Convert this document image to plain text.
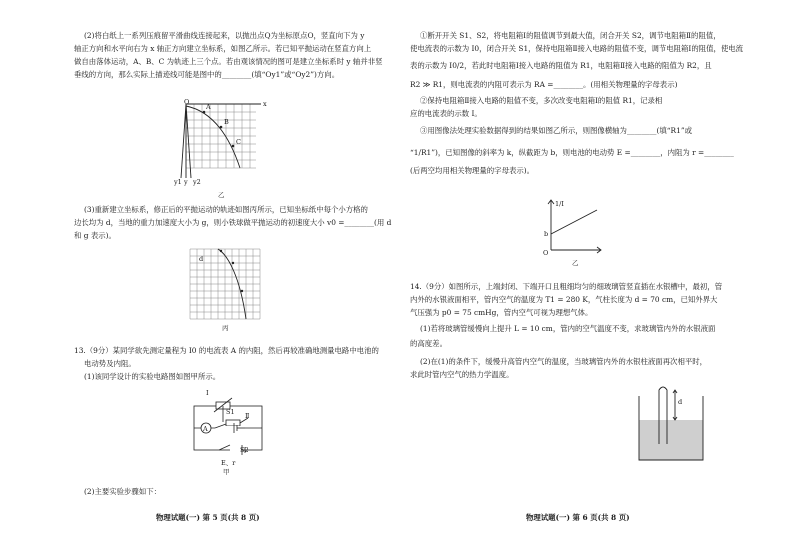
(2)将白纸上一系列压痕留平滑曲线连接起来，以抛出点Q为坐标原点O，竖直向下为 y
轴正方向和水平向右为 x 轴正方向建立坐标系，如图乙所示。若已知平抛运动在竖直方向上
做自由落体运动，A、B、C 为轨迹上三个点。若由观该情况的图可是建立坐标系时 y 轴并非竖
垂线的方向，那么实际上描迹线可能是图中的________(填“Oy1”或“Oy2”)方向。
O	x
y1 y y2
A
B
C
乙
(3)重新建立坐标系，修正后的平抛运动的轨迹如图丙所示，已知坐标纸中每个小方格的
边长均为 d，当地的重力加速度大小为 g，则小铁球做平抛运动的初速度大小 v0 =________(用 d
和 g 表示)。
d
丙
13.（9分）某同学欲先测定量程为 I0 的电流表 A 的内阻，然后再较准确地测量电路中电池的
电动势及内阻。
(1)该同学设计的实验电路图如图甲所示。
A
Ⅰ
Ⅱ
S1
S2
E、r
甲
(2)主要实验步骤如下：
物理试题(一) 第 5 页(共 8 页)
①断开开关 S1、S2，将电阻箱Ⅰ的阻值调节到最大值，闭合开关 S2，调节电阻箱Ⅱ的阻值，
使电流表的示数为 I0，闭合开关 S1，保持电阻箱Ⅱ接入电路的阻值不变，调节电阻箱Ⅰ的阻值，使电流
表的示数为 I0/2，若此时电阻箱Ⅰ接入电路的阻值为 R1，电阻箱Ⅱ接入电路的阻值为 R2，且
R2 ≫ R1，则电流表的内阻可表示为 RA =________。(用相关物理量的字母表示)
②保持电阻箱Ⅱ接入电路的阻值不变，多次改变电阻箱Ⅰ的阻值 R1，记录相
应的电流表的示数 I。
③用图像法处理实验数据得到的结果如图乙所示，则图像横轴为________(填“R1”或
“1/R1”)，已知图像的斜率为 k，纵截距为 b，则电池的电动势 E =________，内阻为 r =________
(后两空均用相关物理量的字母表示)。
1/I
b
O
乙
14.（9分）如图所示，上端封闭、下端开口且粗细均匀的细玻璃管竖直插在水银槽中，最初，管
内外的水银液面相平，管内空气的温度为 T1 = 280 K，气柱长度为 d = 70 cm，已知外界大
气压强为 p0 = 75 cmHg，管内空气可视为理想气体。
(1)若将玻璃管缓慢向上提升 L = 10 cm，管内的空气温度不变，求玻璃管内外的水银液面
的高度差。
(2)在(1)的条件下，缓慢升高管内空气的温度，当玻璃管内外的水银柱液面再次相平时，
求此时管内空气的热力学温度。
d
物理试题(一) 第 6 页(共 8 页)
